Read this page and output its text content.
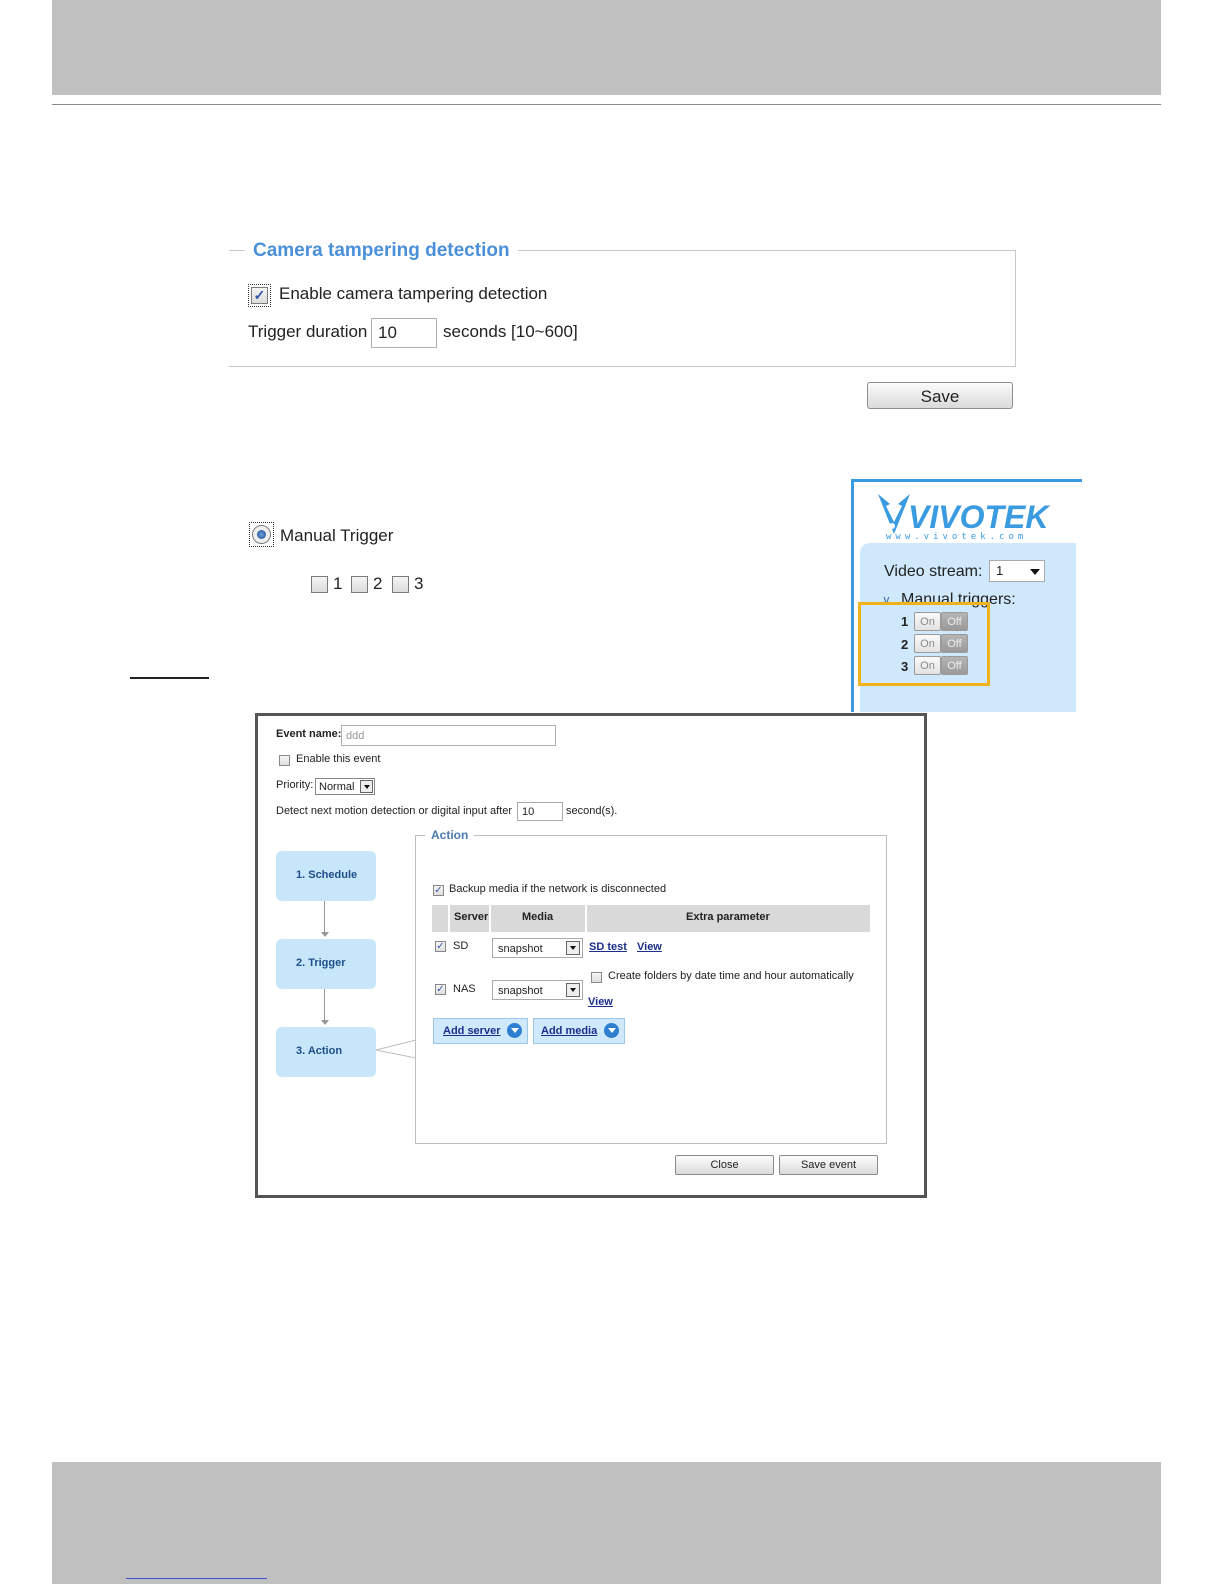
Camera tampering detection
✓ Enable camera tampering detection
Trigger duration 10	seconds [10~600]
Save
Manual Trigger
1 2 3
VIVOTEK
www.vivotek.com
Video stream:	1
∨ Manual triggers:
1	On	Off
2	On	Off
3	On	Off
Event name: ddd
Enable this event
Priority: Normal
Detect next motion detection or digital input after 10	second(s).
1. Schedule
2. Trigger
3. Action
Action
✓ Backup media if the network is disconnected
Server	Media	Extra parameter
✓ SD	snapshot	SD test View
Create folders by date time and hour automatically
✓ NAS	snapshot
View
Add server	Add media
Close	Save event
